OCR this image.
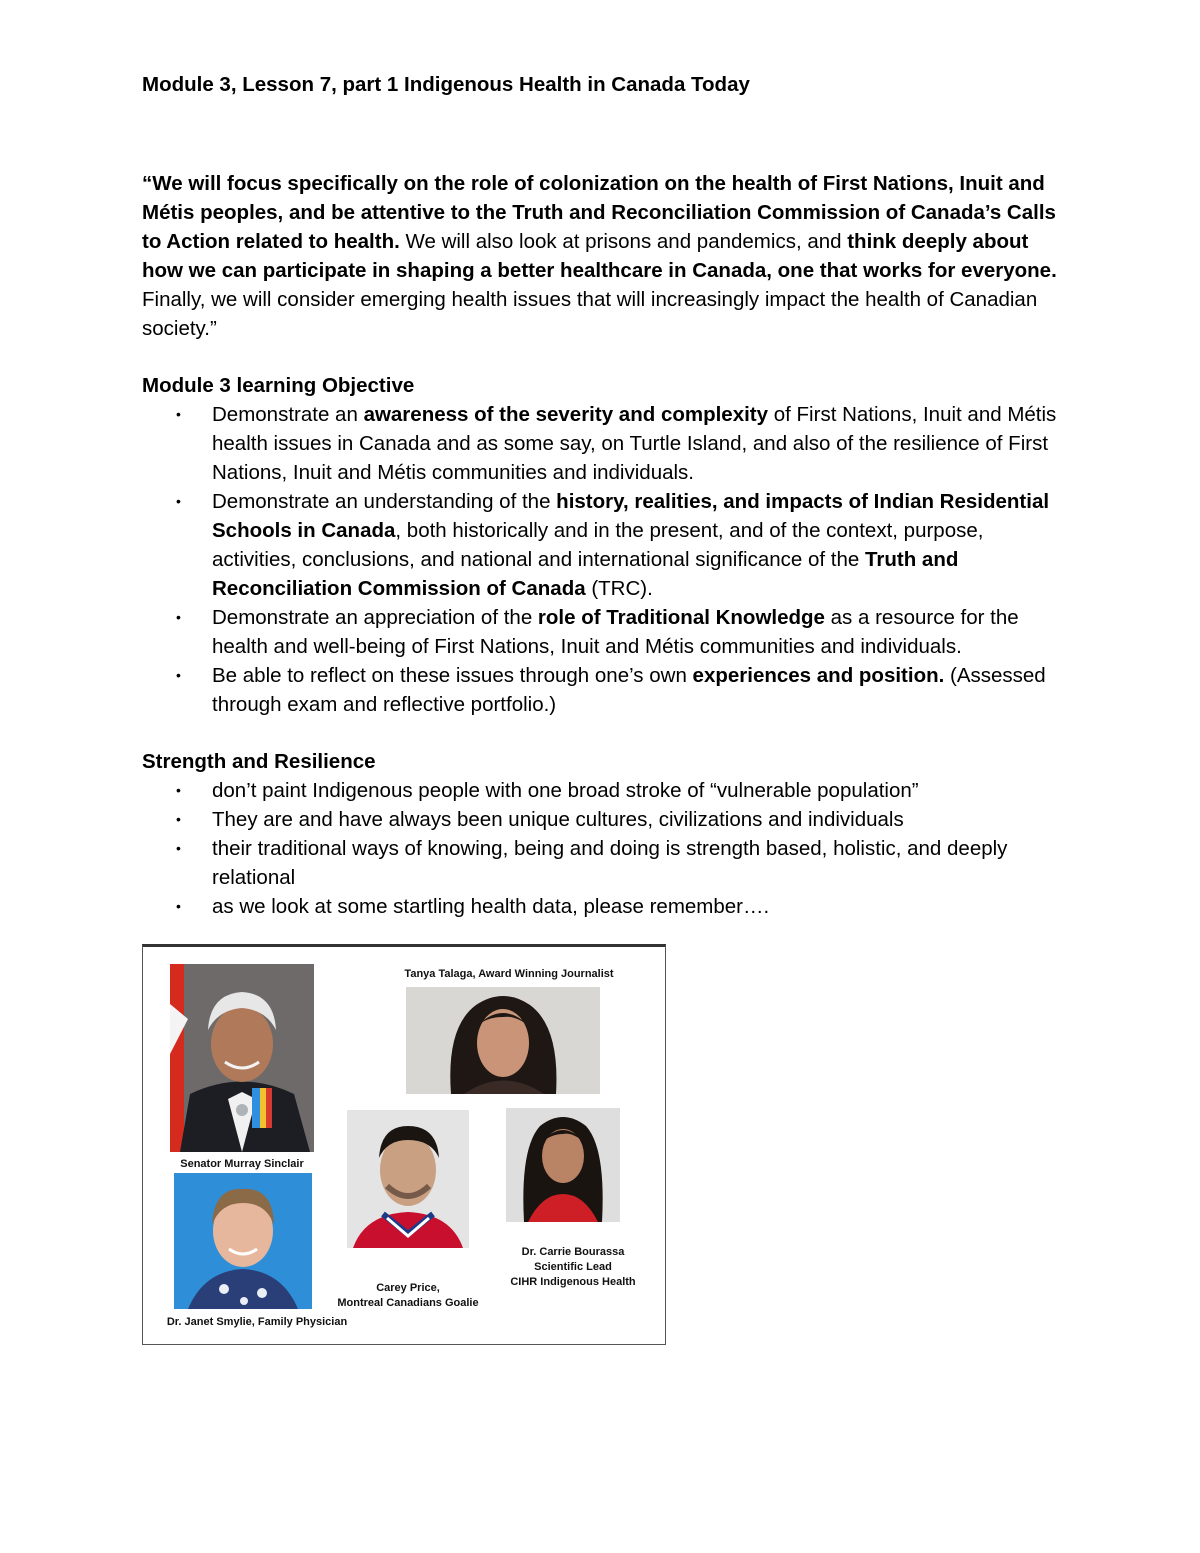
Module 3, Lesson 7, part 1 Indigenous Health in Canada Today

“We will focus specifically on the role of colonization on the health of First Nations, Inuit and Métis peoples, and be attentive to the Truth and Reconciliation Commission of Canada’s Calls to Action related to health. We will also look at prisons and pandemics, and think deeply about how we can participate in shaping a better healthcare in Canada, one that works for everyone. Finally, we will consider emerging health issues that will increasingly impact the health of Canadian society.”

Module 3 learning Objective
• Demonstrate an awareness of the severity and complexity of First Nations, Inuit and Métis health issues in Canada and as some say, on Turtle Island, and also of the resilience of First Nations, Inuit and Métis communities and individuals.
• Demonstrate an understanding of the history, realities, and impacts of Indian Residential Schools in Canada, both historically and in the present, and of the context, purpose, activities, conclusions, and national and international significance of the Truth and Reconciliation Commission of Canada (TRC).
• Demonstrate an appreciation of the role of Traditional Knowledge as a resource for the health and well-being of First Nations, Inuit and Métis communities and individuals.
• Be able to reflect on these issues through one’s own experiences and position. (Assessed through exam and reflective portfolio.)
Strength and Resilience
• don’t paint Indigenous people with one broad stroke of “vulnerable population”
• They are and have always been unique cultures, civilizations and individuals
• their traditional ways of knowing, being and doing is strength based, holistic, and deeply relational
• as we look at some startling health data, please remember….
Senator Murray Sinclair
Tanya Talaga, Award Winning Journalist
Dr. Janet Smylie, Family Physician
Carey Price,
Montreal Canadians Goalie
Dr. Carrie Bourassa
Scientific Lead
CIHR Indigenous Health
